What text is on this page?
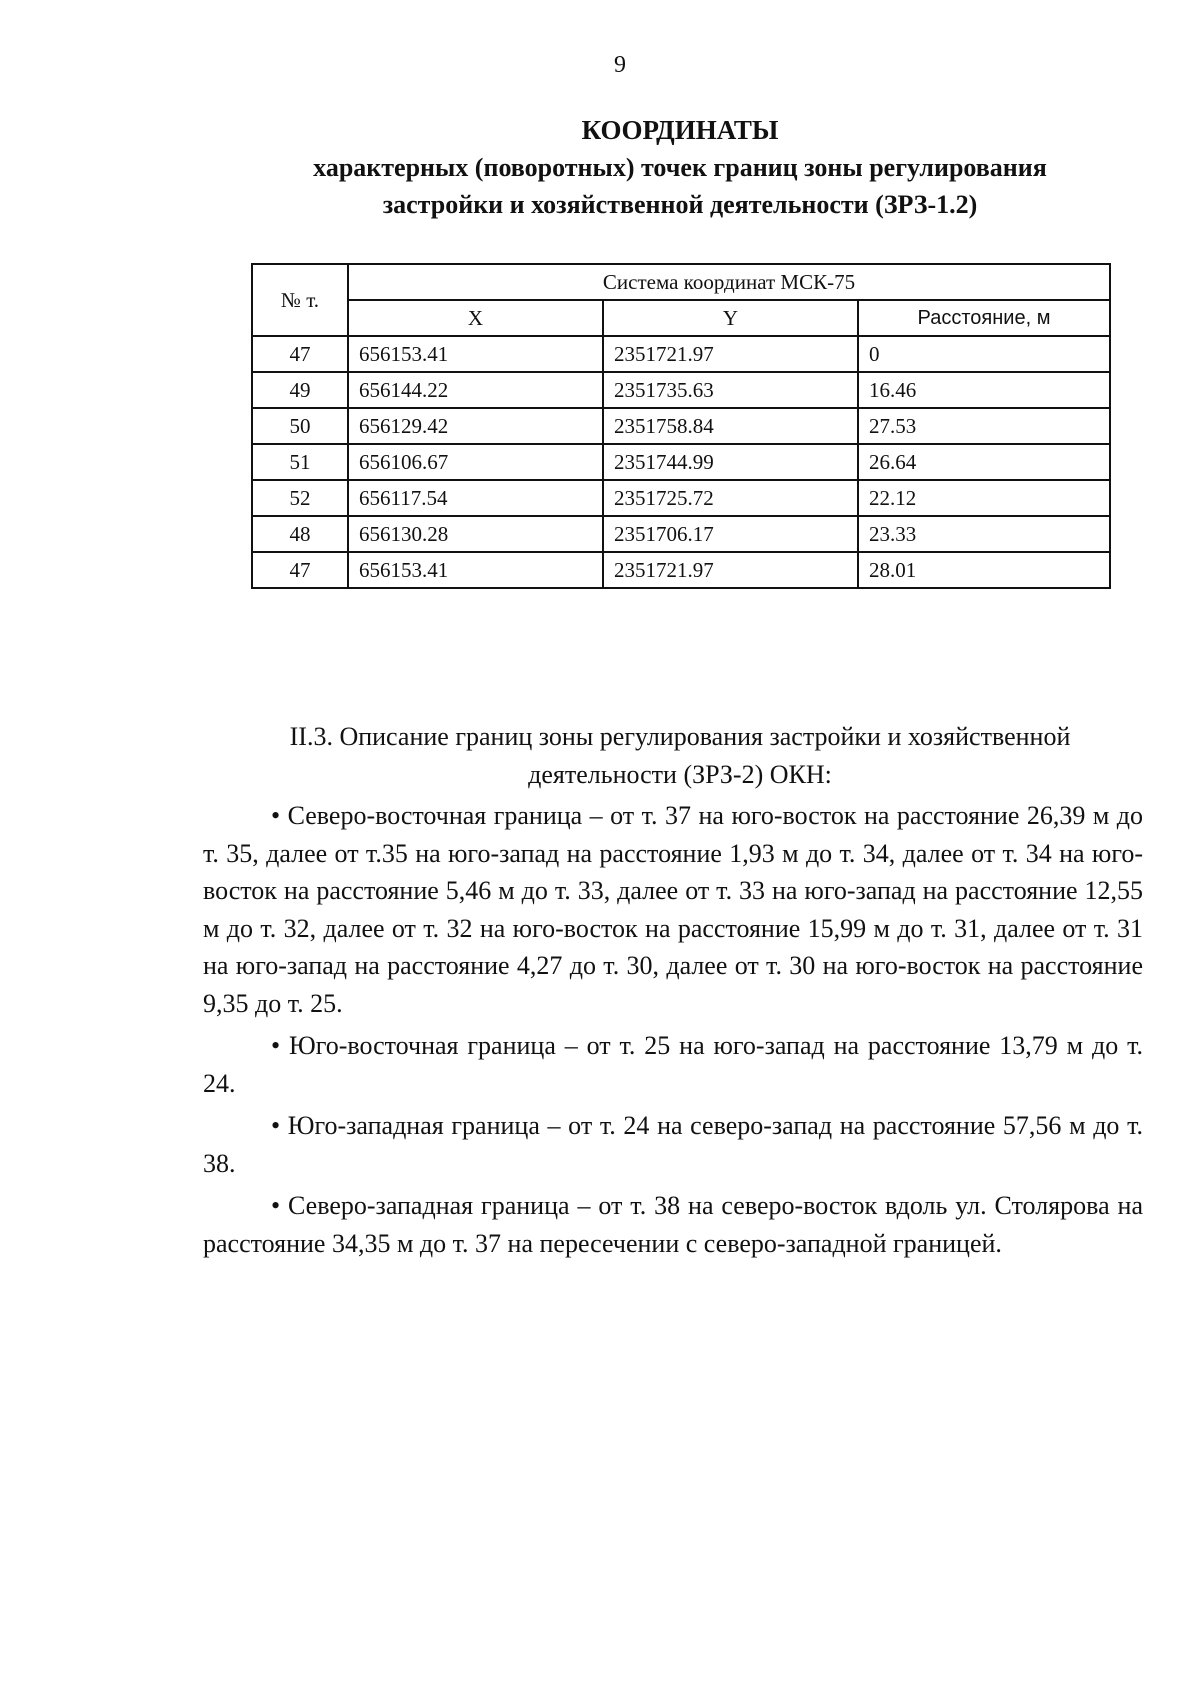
9
КООРДИНАТЫ
характерных (поворотных) точек границ зоны регулирования
застройки и хозяйственной деятельности (ЗРЗ-1.2)
№ т.	Система координат МСК-75		
	X	Y	Расстояние, м
47	656153.41	2351721.97	0
49	656144.22	2351735.63	16.46
50	656129.42	2351758.84	27.53
51	656106.67	2351744.99	26.64
52	656117.54	2351725.72	22.12
48	656130.28	2351706.17	23.33
47	656153.41	2351721.97	28.01
II.3. Описание границ зоны регулирования застройки и хозяйственной
деятельности (ЗРЗ-2) ОКН:

• Северо-восточная граница – от т. 37 на юго-восток на расстояние 26,39 м до т. 35, далее от т.35 на юго-запад на расстояние 1,93 м до т. 34, далее от т. 34 на юго-восток на расстояние 5,46 м до т. 33, далее от т. 33 на юго-запад на расстояние 12,55 м до т. 32, далее от т. 32 на юго-восток на расстояние 15,99 м до т. 31, далее от т. 31 на юго-запад на расстояние 4,27 до т. 30, далее от т. 30 на юго-восток на расстояние 9,35 до т. 25.

• Юго-восточная граница – от т. 25 на юго-запад на расстояние 13,79 м до т. 24.

• Юго-западная граница – от т. 24 на северо-запад на расстояние 57,56 м до т. 38.

• Северо-западная граница – от т. 38 на северо-восток вдоль ул. Столярова на расстояние 34,35 м до т. 37 на пересечении с северо-западной границей.
